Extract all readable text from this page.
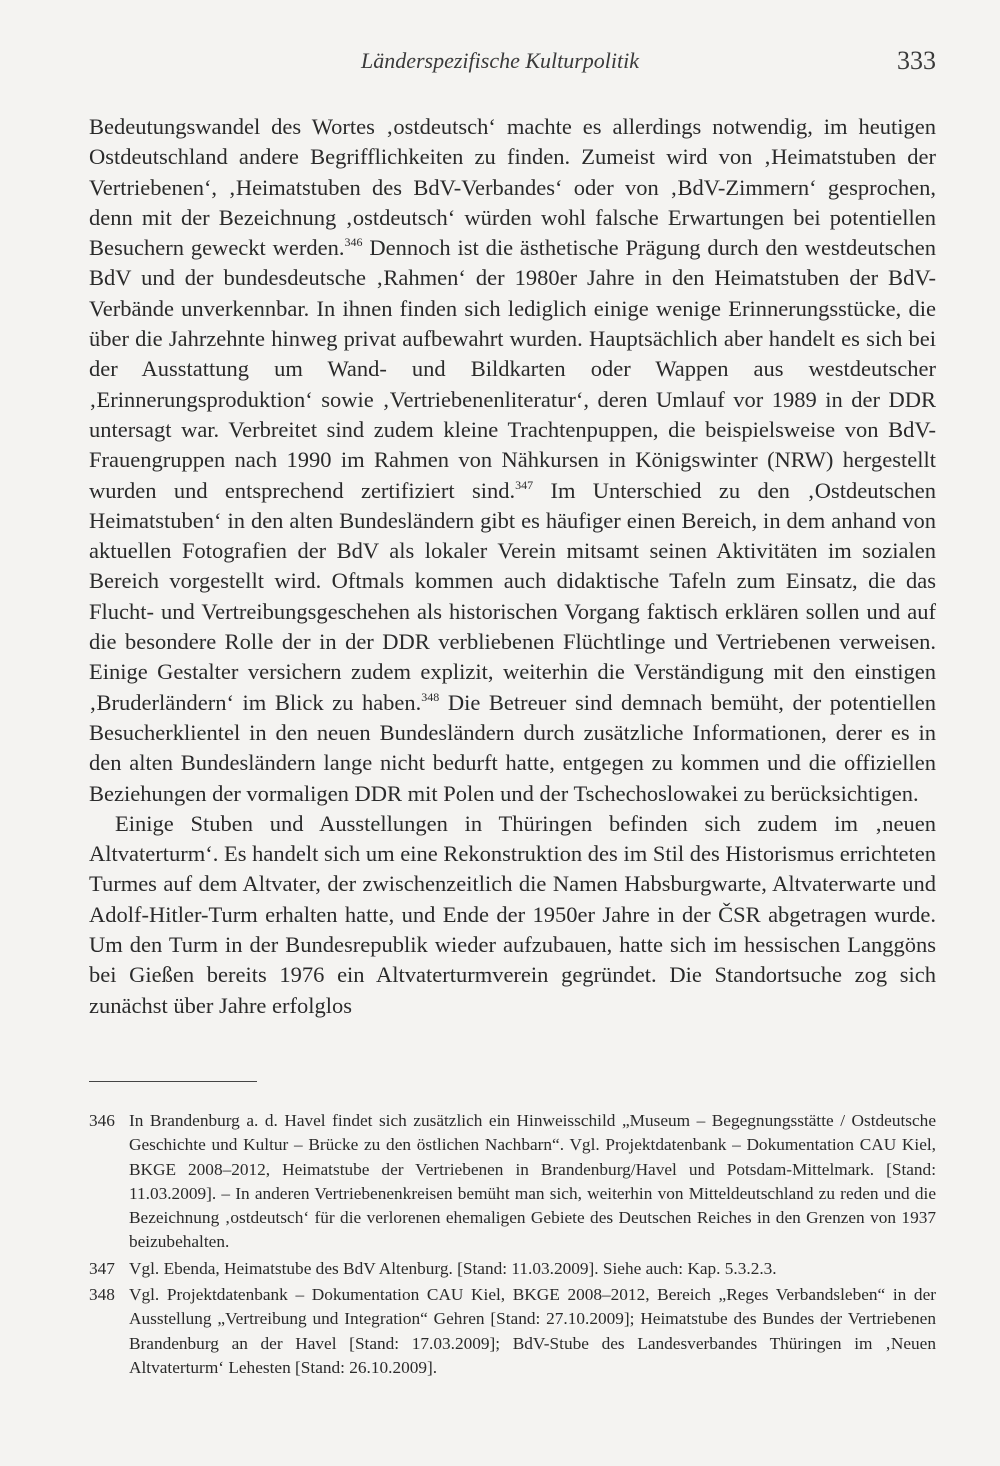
Länderspezifische Kulturpolitik	333

Bedeutungswandel des Wortes ‚ostdeutsch‘ machte es allerdings notwendig, im heutigen Ostdeutschland andere Begrifflichkeiten zu finden. Zumeist wird von ‚Heimatstuben der Vertriebenen‘, ‚Heimatstuben des BdV-Verbandes‘ oder von ‚BdV-Zimmern‘ gesprochen, denn mit der Bezeichnung ‚ostdeutsch‘ würden wohl falsche Erwartungen bei potentiellen Besuchern geweckt werden.$^{346}$ Dennoch ist die ästhetische Prägung durch den westdeutschen BdV und der bundesdeutsche ‚Rahmen‘ der 1980er Jahre in den Heimatstuben der BdV-Verbände unverkennbar. In ihnen finden sich lediglich einige wenige Erinnerungsstücke, die über die Jahrzehnte hinweg privat aufbewahrt wurden. Hauptsächlich aber handelt es sich bei der Ausstattung um Wand- und Bildkarten oder Wappen aus westdeutscher ‚Erinnerungsproduktion‘ sowie ‚Vertriebenenliteratur‘, deren Umlauf vor 1989 in der DDR untersagt war. Verbreitet sind zudem kleine Trachtenpuppen, die beispielsweise von BdV-Frauengruppen nach 1990 im Rahmen von Nähkursen in Königswinter (NRW) hergestellt wurden und entsprechend zertifiziert sind.$^{347}$ Im Unterschied zu den ‚Ostdeutschen Heimatstuben‘ in den alten Bundesländern gibt es häufiger einen Bereich, in dem anhand von aktuellen Fotografien der BdV als lokaler Verein mitsamt seinen Aktivitäten im sozialen Bereich vorgestellt wird. Oftmals kommen auch didaktische Tafeln zum Einsatz, die das Flucht- und Vertreibungsgeschehen als historischen Vorgang faktisch erklären sollen und auf die besondere Rolle der in der DDR verbliebenen Flüchtlinge und Vertriebenen verweisen. Einige Gestalter versichern zudem explizit, weiterhin die Verständigung mit den einstigen ‚Bruderländern‘ im Blick zu haben.$^{348}$ Die Betreuer sind demnach bemüht, der potentiellen Besucherklientel in den neuen Bundesländern durch zusätzliche Informationen, derer es in den alten Bundesländern lange nicht bedurft hatte, entgegen zu kommen und die offiziellen Beziehungen der vormaligen DDR mit Polen und der Tschechoslowakei zu berücksichtigen.

Einige Stuben und Ausstellungen in Thüringen befinden sich zudem im ‚neuen Altvaterturm‘. Es handelt sich um eine Rekonstruktion des im Stil des Historismus errichteten Turmes auf dem Altvater, der zwischenzeitlich die Namen Habsburgwarte, Altvaterwarte und Adolf-Hitler-Turm erhalten hatte, und Ende der 1950er Jahre in der ČSR abgetragen wurde. Um den Turm in der Bundesrepublik wieder aufzubauen, hatte sich im hessischen Langgöns bei Gießen bereits 1976 ein Altvaterturmverein gegründet. Die Standortsuche zog sich zunächst über Jahre erfolglos

346 In Brandenburg a. d. Havel findet sich zusätzlich ein Hinweisschild „Museum – Begegnungsstätte / Ostdeutsche Geschichte und Kultur – Brücke zu den östlichen Nachbarn“. Vgl. Projektdatenbank – Dokumentation CAU Kiel, BKGE 2008–2012, Heimatstube der Vertriebenen in Brandenburg/Havel und Potsdam-Mittelmark. [Stand: 11.03.2009]. – In anderen Vertriebenenkreisen bemüht man sich, weiterhin von Mitteldeutschland zu reden und die Bezeichnung ‚ostdeutsch‘ für die verlorenen ehemaligen Gebiete des Deutschen Reiches in den Grenzen von 1937 beizubehalten.
347 Vgl. Ebenda, Heimatstube des BdV Altenburg. [Stand: 11.03.2009]. Siehe auch: Kap. 5.3.2.3.
348 Vgl. Projektdatenbank – Dokumentation CAU Kiel, BKGE 2008–2012, Bereich „Reges Verbandsleben“ in der Ausstellung „Vertreibung und Integration“ Gehren [Stand: 27.10.2009]; Heimatstube des Bundes der Vertriebenen Brandenburg an der Havel [Stand: 17.03.2009]; BdV-Stube des Landesverbandes Thüringen im ‚Neuen Altvaterturm‘ Lehesten [Stand: 26.10.2009].
